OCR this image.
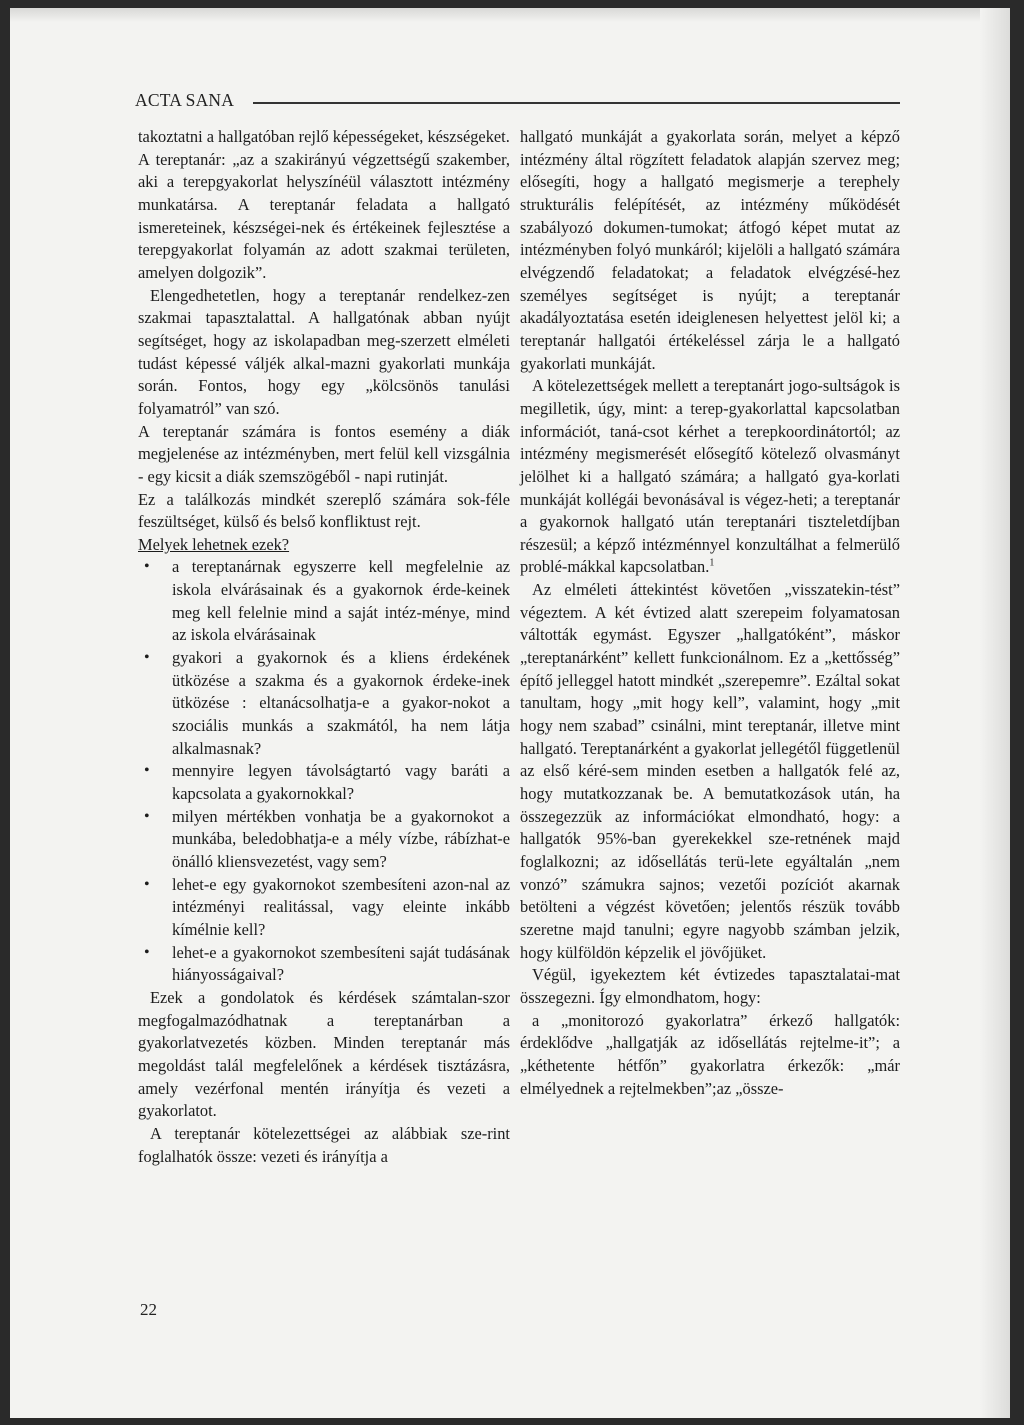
ACTA SANA

takoztatni a hallgatóban rejlő képességeket, készségeket.

A tereptanár: „az a szakirányú végzettségű szakember, aki a terepgyakorlat helyszínéül választott intézmény munkatársa. A tereptanár feladata a hallgató ismereteinek, készségei-nek és értékeinek fejlesztése a terepgyakorlat folyamán az adott szakmai területen, amelyen dolgozik”.

Elengedhetetlen, hogy a tereptanár rendelkez-zen szakmai tapasztalattal. A hallgatónak abban nyújt segítséget, hogy az iskolapadban meg-szerzett elméleti tudást képessé váljék alkal-mazni gyakorlati munkája során. Fontos, hogy egy „kölcsönös tanulási folyamatról” van szó.

A tereptanár számára is fontos esemény a diák megjelenése az intézményben, mert felül kell vizsgálnia - egy kicsit a diák szemszögéből - napi rutinját.

Ez a találkozás mindkét szereplő számára sok-féle feszültséget, külső és belső konfliktust rejt.

Melyek lehetnek ezek?

• a tereptanárnak egyszerre kell megfelelnie az iskola elvárásainak és a gyakornok érde-keinek meg kell felelnie mind a saját intéz-ménye, mind az iskola elvárásainak
• gyakori a gyakornok és a kliens érdekének ütközése a szakma és a gyakornok érdeke-inek ütközése : eltanácsolhatja-e a gyakor-nokot a szociális munkás a szakmától, ha nem látja alkalmasnak?
• mennyire legyen távolságtartó vagy baráti a kapcsolata a gyakornokkal?
• milyen mértékben vonhatja be a gyakornokot a munkába, beledobhatja-e a mély vízbe, rábízhat-e önálló kliensvezetést, vagy sem?
• lehet-e egy gyakornokot szembesíteni azon-nal az intézményi realitással, vagy eleinte inkább kímélnie kell?
• lehet-e a gyakornokot szembesíteni saját tudásának hiányosságaival?

Ezek a gondolatok és kérdések számtalan-szor megfogalmazódhatnak a tereptanárban a gyakorlatvezetés közben. Minden tereptanár más megoldást talál megfelelőnek a kérdések tisztázásra, amely vezérfonal mentén irányítja és vezeti a gyakorlatot.

A tereptanár kötelezettségei az alábbiak sze-rint foglalhatók össze: vezeti és irányítja a

hallgató munkáját a gyakorlata során, melyet a képző intézmény által rögzített feladatok alapján szervez meg; elősegíti, hogy a hallgató megismerje a terephely strukturális felépítését, az intézmény működését szabályozó dokumen-tumokat; átfogó képet mutat az intézményben folyó munkáról; kijelöli a hallgató számára elvégzendő feladatokat; a feladatok elvégzésé-hez személyes segítséget is nyújt; a tereptanár akadályoztatása esetén ideiglenesen helyettest jelöl ki; a tereptanár hallgatói értékeléssel zárja le a hallgató gyakorlati munkáját.

A kötelezettségek mellett a tereptanárt jogo-sultságok is megilletik, úgy, mint: a terep-gyakorlattal kapcsolatban információt, taná-csot kérhet a terepkoordinátortól; az intézmény megismerését elősegítő kötelező olvasmányt jelölhet ki a hallgató számára; a hallgató gya-korlati munkáját kollégái bevonásával is végez-heti; a tereptanár a gyakornok hallgató után tereptanári tiszteletdíjban részesül; a képző intézménnyel konzultálhat a felmerülő problé-mákkal kapcsolatban.$^1$

Az elméleti áttekintést követően „visszatekin-tést” végeztem. A két évtized alatt szerepeim folyamatosan váltották egymást. Egyszer „hallgatóként”, máskor „tereptanárként” kellett funkcionálnom. Ez a „kettősség” építő jelleggel hatott mindkét „szerepemre”. Ezáltal sokat tanultam, hogy „mit hogy kell”, valamint, hogy „mit hogy nem szabad” csinálni, mint tereptanár, illetve mint hallgató. Tereptanárként a gyakorlat jellegétől függetlenül az első kéré-sem minden esetben a hallgatók felé az, hogy mutatkozzanak be. A bemutatkozások után, ha összegezzük az információkat elmondható, hogy: a hallgatók 95%-ban gyerekekkel sze-retnének majd foglalkozni; az idősellátás terü-lete egyáltalán „nem vonzó” számukra sajnos; vezetői pozíciót akarnak betölteni a végzést követően; jelentős részük tovább szeretne majd tanulni; egyre nagyobb számban jelzik, hogy külföldön képzelik el jövőjüket.

Végül, igyekeztem két évtizedes tapasztalatai-mat összegezni. Így elmondhatom, hogy:

a „monitorozó gyakorlatra” érkező hallgatók: érdeklődve „hallgatják az idősellátás rejtelme-it”; a „kéthetente hétfőn” gyakorlatra érkezők: „már elmélyednek a rejtelmekben”;az „össze-

22
